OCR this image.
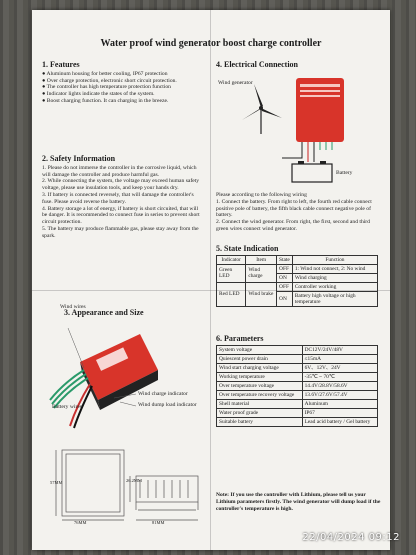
Water proof wind generator boost charge controller
1. Features

● Aluminum housing for better cooling, IP67 protection

● Over charge protection, electronic short circuit protection.

● The controller has high temperature protection function

● Indicator lights indicate the states of the system.

● Boost charging function. It can charging in the breeze.

2. Safety Information

1. Please do not immerse the controller in the corrosive liquid, which will damage the controller and produce harmful gas.

2. While connecting the system, the voltage may exceed human safety voltage, please use insulation tools, and keep your hands dry.

3. If battery is connected reversely, that will damage the controller's fuse. Please avoid reverse the battery.

4. Battery storage a lot of energy, if battery is short circuited, that will be danger. It is recommended to connect fuse in series to prevent short circuit protection.

5. The battery may produce flammable gas, please stay away from the spark.

3. Appearance and Size
Wind wires
Battery wires
Wind charge indicator
Wind dump load indicator
76MM	81MM
26.2MM
57MM
4. Electrical Connection
Wind generator
Battery

Please according to the following wiring

1. Connect the battery. From right to left, the fourth red cable connect positive pole of battery, the fifth black cable connect negative pole of battery.

2. Connect the wind generator. From right, the first, second and third green wires connect wind generator.

5. State Indication
Indicator	Item	State	Function
Green LED	Wind charge	OFF	1: Wind not connect, 2: No wind
		ON	Wind charging
Red LED	Wind brake	OFF	Controller working
		ON	Battery high voltage or high temperature
6. Parameters
System voltage	DC12V/24V/48V
Quiescent power drain	≤15mA
Wind start charging voltage	6V、12V、24V
Working temperature	-35℃ ~ 70℃
Over temperature voltage	14.4V/28.8V/58.6V
Over temperature recovery voltage	13.6V/27.6V/57.4V
Shell material	Aluminum
Water proof grade	IP67
Suitable battery	Lead acid battery / Gel battery
Note: If you use the controller with Lithium, please tell us your Lithium parameters firstly. The wind generator will dump load if the controller's temperature is high.
22/04/2024 09:12
